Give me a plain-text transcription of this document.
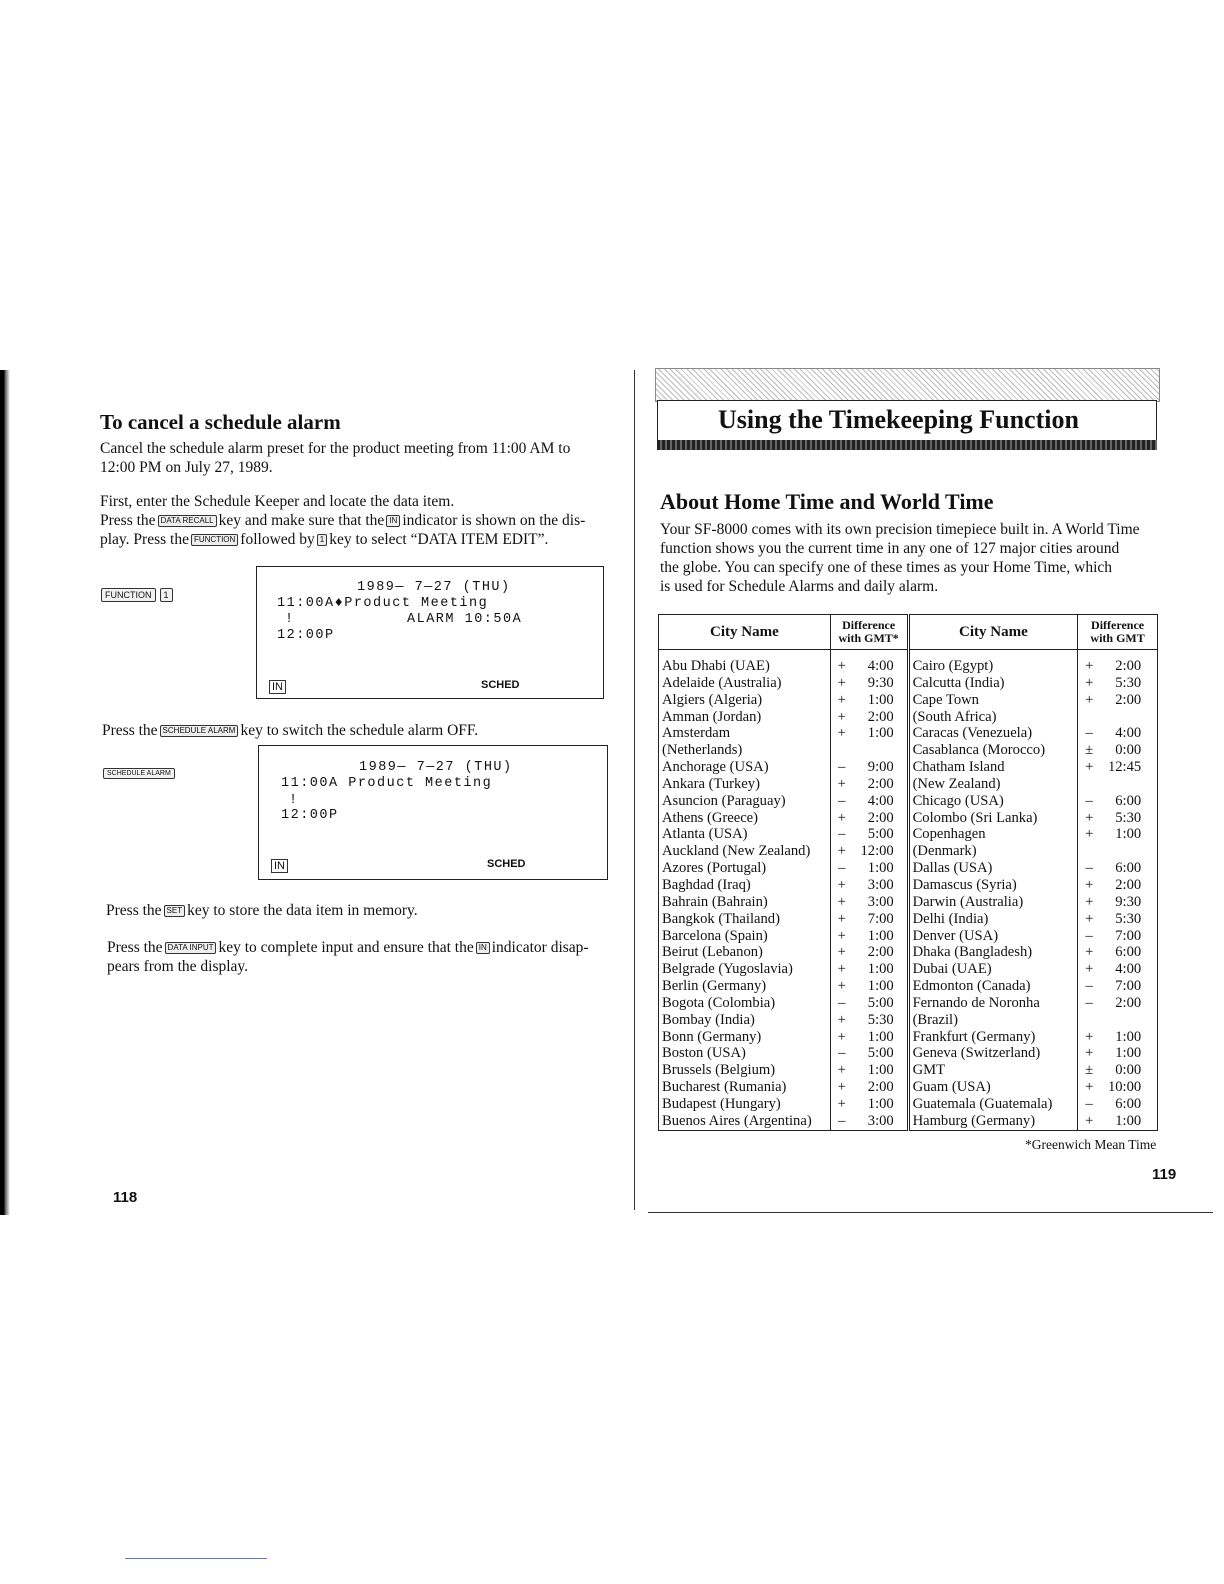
To cancel a schedule alarm

Cancel the schedule alarm preset for the product meeting from 11:00 AM to 12:00 PM on July 27, 1989.

First, enter the Schedule Keeper and locate the data item.

Press the DATA RECALL key and make sure that the IN indicator is shown on the dis-

play. Press the FUNCTION followed by 1 key to select “DATA ITEM EDIT”.

FUNCTION 1	1989— 7—27 (THU)
11:00A♦Product Meeting
!	ALARM 10:50A
12:00P
IN	SCHED

Press the SCHEDULE ALARM key to switch the schedule alarm OFF.

SCHEDULE ALARM	1989— 7—27 (THU)
11:00A Product Meeting
!
12:00P
IN	SCHED

Press the SET key to store the data item in memory.

Press the DATA INPUT key to complete input and ensure that the IN indicator disap-

pears from the display.

118
Using the Timekeeping Function
About Home Time and World Time

Your SF-8000 comes with its own precision timepiece built in. A World Time

function shows you the current time in any one of 127 major cities around

the globe. You can specify one of these times as your Home Time, which

is used for Schedule Alarms and daily alarm.

City Name	Difference
with GMT*	City Name	Difference
with GMT
Abu Dhabi (UAE)	+ 4:00	Cairo (Egypt)	+ 2:00
Adelaide (Australia)	+ 9:30	Calcutta (India)	+ 5:30
Algiers (Algeria)	+ 1:00	Cape Town	+ 2:00
Amman (Jordan)	+ 2:00	(South Africa)	
Amsterdam	+ 1:00	Caracas (Venezuela)	– 4:00
(Netherlands)		Casablanca (Morocco)	± 0:00
Anchorage (USA)	– 9:00	Chatham Island	+ 12:45
Ankara (Turkey)	+ 2:00	(New Zealand)	
Asuncion (Paraguay)	– 4:00	Chicago (USA)	– 6:00
Athens (Greece)	+ 2:00	Colombo (Sri Lanka)	+ 5:30
Atlanta (USA)	– 5:00	Copenhagen	+ 1:00
Auckland (New Zealand)	+ 12:00	(Denmark)	
Azores (Portugal)	– 1:00	Dallas (USA)	– 6:00
Baghdad (Iraq)	+ 3:00	Damascus (Syria)	+ 2:00
Bahrain (Bahrain)	+ 3:00	Darwin (Australia)	+ 9:30
Bangkok (Thailand)	+ 7:00	Delhi (India)	+ 5:30
Barcelona (Spain)	+ 1:00	Denver (USA)	– 7:00
Beirut (Lebanon)	+ 2:00	Dhaka (Bangladesh)	+ 6:00
Belgrade (Yugoslavia)	+ 1:00	Dubai (UAE)	+ 4:00
Berlin (Germany)	+ 1:00	Edmonton (Canada)	– 7:00
Bogota (Colombia)	– 5:00	Fernando de Noronha	– 2:00
Bombay (India)	+ 5:30	(Brazil)	
Bonn (Germany)	+ 1:00	Frankfurt (Germany)	+ 1:00
Boston (USA)	– 5:00	Geneva (Switzerland)	+ 1:00
Brussels (Belgium)	+ 1:00	GMT	± 0:00
Bucharest (Rumania)	+ 2:00	Guam (USA)	+ 10:00
Budapest (Hungary)	+ 1:00	Guatemala (Guatemala)	– 6:00
Buenos Aires (Argentina)	– 3:00	Hamburg (Germany)	+ 1:00
*Greenwich Mean Time
119
